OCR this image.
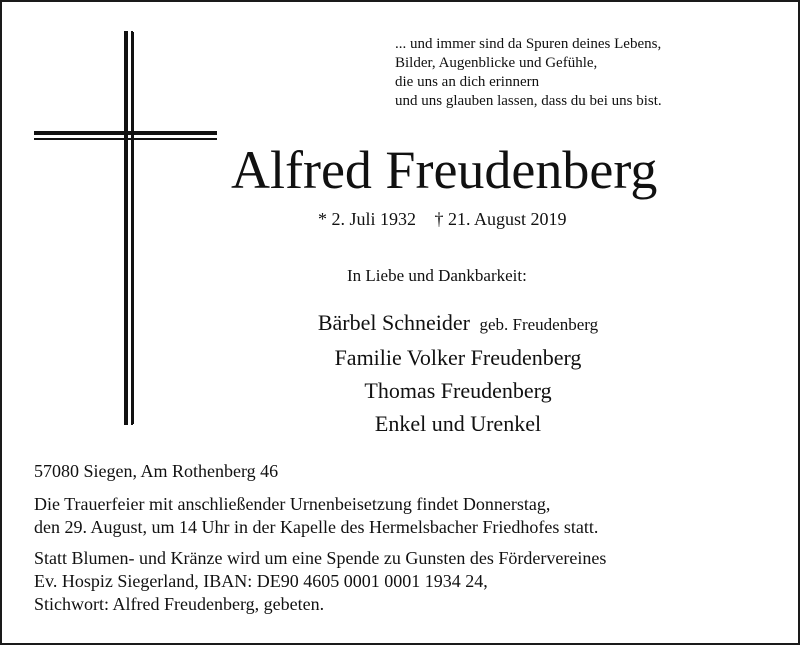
... und immer sind da Spuren deines Lebens,
Bilder, Augenblicke und Gefühle,
die uns an dich erinnern
und uns glauben lassen, dass du bei uns bist.
Alfred Freudenberg
* 2. Juli 1932 † 21. August 2019
In Liebe und Dankbarkeit:
Bärbel Schneider geb. Freudenberg
Familie Volker Freudenberg
Thomas Freudenberg
Enkel und Urenkel
57080 Siegen, Am Rothenberg 46
Die Trauerfeier mit anschließender Urnenbeisetzung findet Donnerstag,
den 29. August, um 14 Uhr in der Kapelle des Hermelsbacher Friedhofes statt.
Statt Blumen- und Kränze wird um eine Spende zu Gunsten des Fördervereines
Ev. Hospiz Siegerland, IBAN: DE90 4605 0001 0001 1934 24,
Stichwort: Alfred Freudenberg, gebeten.
